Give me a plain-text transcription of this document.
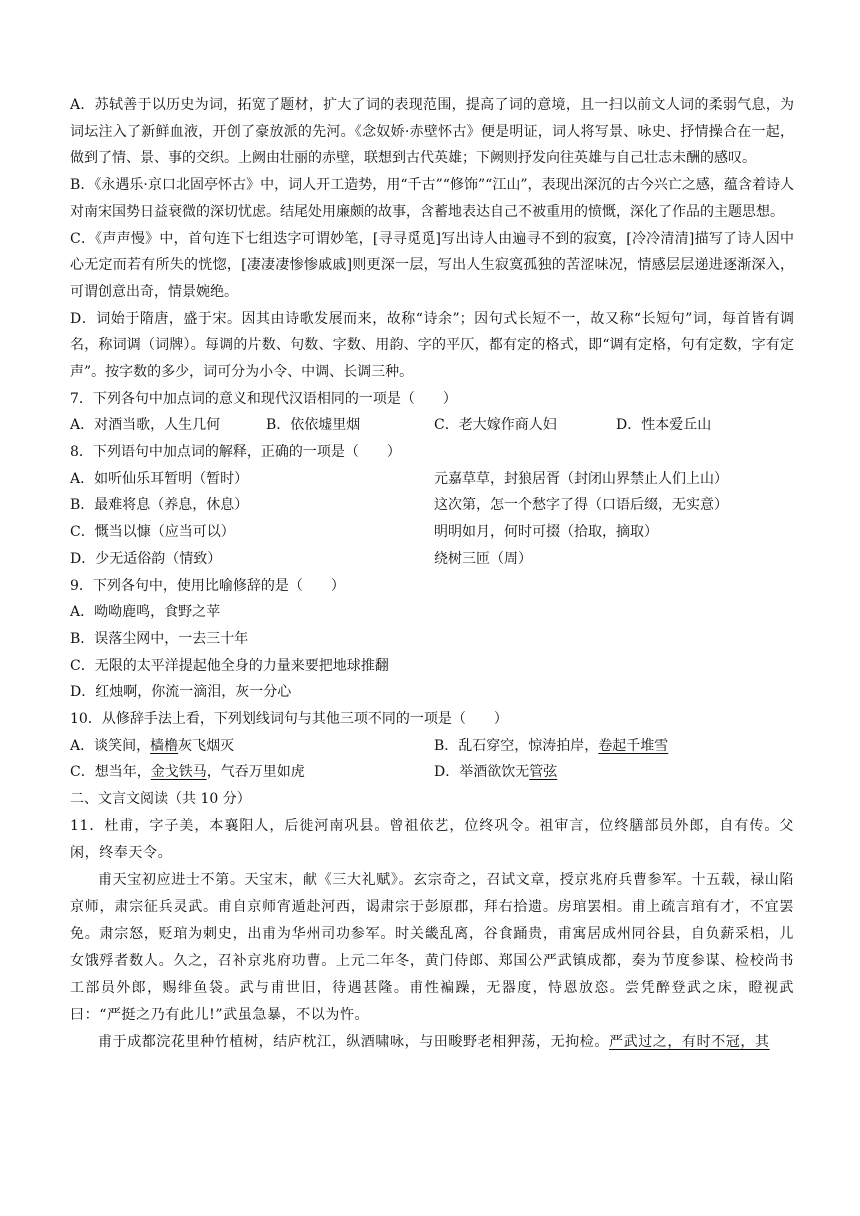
A．苏轼善于以历史为词，拓宽了题材，扩大了词的表现范围，提高了词的意境，且一扫以前文人词的柔弱气息，为词坛注入了新鲜血液，开创了豪放派的先河。《念奴娇·赤壁怀古》便是明证，词人将写景、咏史、抒情操合在一起，做到了情、景、事的交织。上阙由壮丽的赤壁，联想到古代英雄；下阙则抒发向往英雄与自己壮志未酬的感叹。

B．《永遇乐·京口北固亭怀古》中，词人开工造势，用“千古”“修饰”“江山”，表现出深沉的古今兴亡之感，蕴含着诗人对南宋国势日益衰微的深切忧虑。结尾处用廉颇的故事，含蓄地表达自己不被重用的愤慨，深化了作品的主题思想。

C．《声声慢》中，首句连下七组迭字可谓妙笔，[寻寻觅觅]写出诗人由遍寻不到的寂寞，[冷冷清清]描写了诗人因中心无定而若有所失的恍惚，[凄凄凄惨惨戚戚]则更深一层，写出人生寂寞孤独的苦涩味况，情感层层递进逐渐深入，可谓创意出奇，情景婉绝。

D．词始于隋唐，盛于宋。因其由诗歌发展而来，故称“诗余”；因句式长短不一，故又称“长短句”词，每首皆有调名，称词调（词牌）。每调的片数、句数、字数、用韵、字的平仄，都有定的格式，即“调有定格，句有定数，字有定声”。按字数的多少，词可分为小令、中调、长调三种。

7．下列各句中加点词的意义和现代汉语相同的一项是（　　）
A．对酒当歌，人生几何	B．依依墟里烟	C．老大嫁作商人妇	D．性本爱丘山
8．下列语句中加点词的解释，正确的一项是（　　）
A．如听仙乐耳暂明（暂时）	元嘉草草，封狼居胥（封闭山界禁止人们上山）
B．最难将息（养息，休息）	这次第，怎一个愁字了得（口语后缀，无实意）
C．慨当以慷（应当可以）	明明如月，何时可掇（拾取，摘取）
D．少无适俗韵（情致）	绕树三匝（周）
9．下列各句中，使用比喻修辞的是（　　）
A．呦呦鹿鸣，食野之苹
B．误落尘网中，一去三十年
C．无限的太平洋提起他全身的力量来要把地球推翻
D．红烛啊，你流一滴泪，灰一分心
10．从修辞手法上看，下列划线词句与其他三项不同的一项是（　　）
A．谈笑间，樯橹灰飞烟灭	B．乱石穿空，惊涛拍岸，卷起千堆雪
C．想当年，金戈铁马，气吞万里如虎	D．举酒欲饮无管弦
二、文言文阅读（共 10 分）

11．杜甫，字子美，本襄阳人，后徙河南巩县。曾祖依艺，位终巩令。祖审言，位终膳部员外郎，自有传。父闲，终奉天令。

甫天宝初应进士不第。天宝末，献《三大礼赋》。玄宗奇之，召试文章，授京兆府兵曹参军。十五载，禄山陷京师，肃宗征兵灵武。甫自京师宵遁赴河西，谒肃宗于彭原郡，拜右拾遗。房琯罢相。甫上疏言琯有才，不宜罢免。肃宗怒，贬琯为刺史，出甫为华州司功参军。时关畿乱离，谷食踊贵，甫寓居成州同谷县，自负薪采梠，儿女饿殍者数人。久之，召补京兆府功曹。上元二年冬，黄门侍郎、郑国公严武镇成都，奏为节度参谋、检校尚书工部员外郎，赐绯鱼袋。武与甫世旧，待遇甚隆。甫性褊躁，无器度，恃恩放恣。尝凭醉登武之床，瞪视武曰：“严挺之乃有此儿!”武虽急暴，不以为忤。

甫于成都浣花里种竹植树，结庐枕江，纵酒啸咏，与田畯野老相狎荡，无拘检。严武过之，有时不冠，其
